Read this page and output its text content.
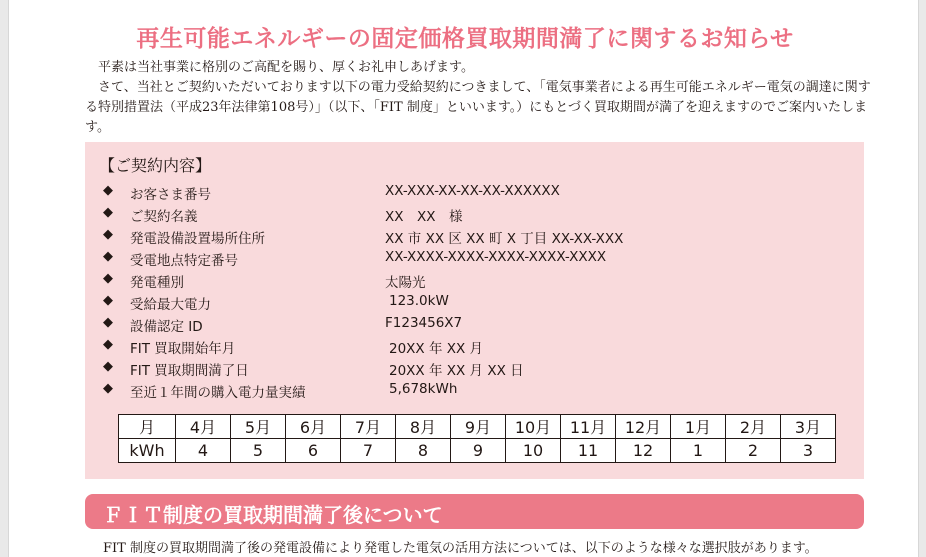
再生可能エネルギーの固定価格買取期間満了に関するお知らせ

平素は当社事業に格別のご高配を賜り、厚くお礼申しあげます。

さて、当社とご契約いただいております以下の電力受給契約につきまして、「電気事業者による再生可能エネルギー電気の調達に関する特別措置法（平成23年法律第108号）」（以下、「FIT 制度」といいます。）にもとづく買取期間が満了を迎えますのでご案内いたします。

【ご契約内容】
◆ お客さま番号	XX-XXX-XX-XX-XX-XXXXXX
◆ ご契約名義	XX　XX　様
◆ 発電設備設置場所住所	XX 市 XX 区 XX 町 X 丁目 XX-XX-XXX
◆ 受電地点特定番号	XX-XXXX-XXXX-XXXX-XXXX-XXXX
◆ 発電種別	太陽光
◆ 受給最大電力	123.0kW
◆ 設備認定 ID	F123456X7
◆ FIT 買取開始年月	20XX 年 XX 月
◆ FIT 買取期間満了日	20XX 年 XX 月 XX 日
◆ 至近１年間の購入電力量実績	5,678kWh
月	4月	5月	6月	7月	8月	9月	10月	11月	12月	1月	2月	3月
kWh	4	5	6	7	8	9	10	11	12	1	2	3
ＦＩＴ制度の買取期間満了後について
FIT 制度の買取期間満了後の発電設備により発電した電気の活用方法については、以下のような様々な選択肢があります。
